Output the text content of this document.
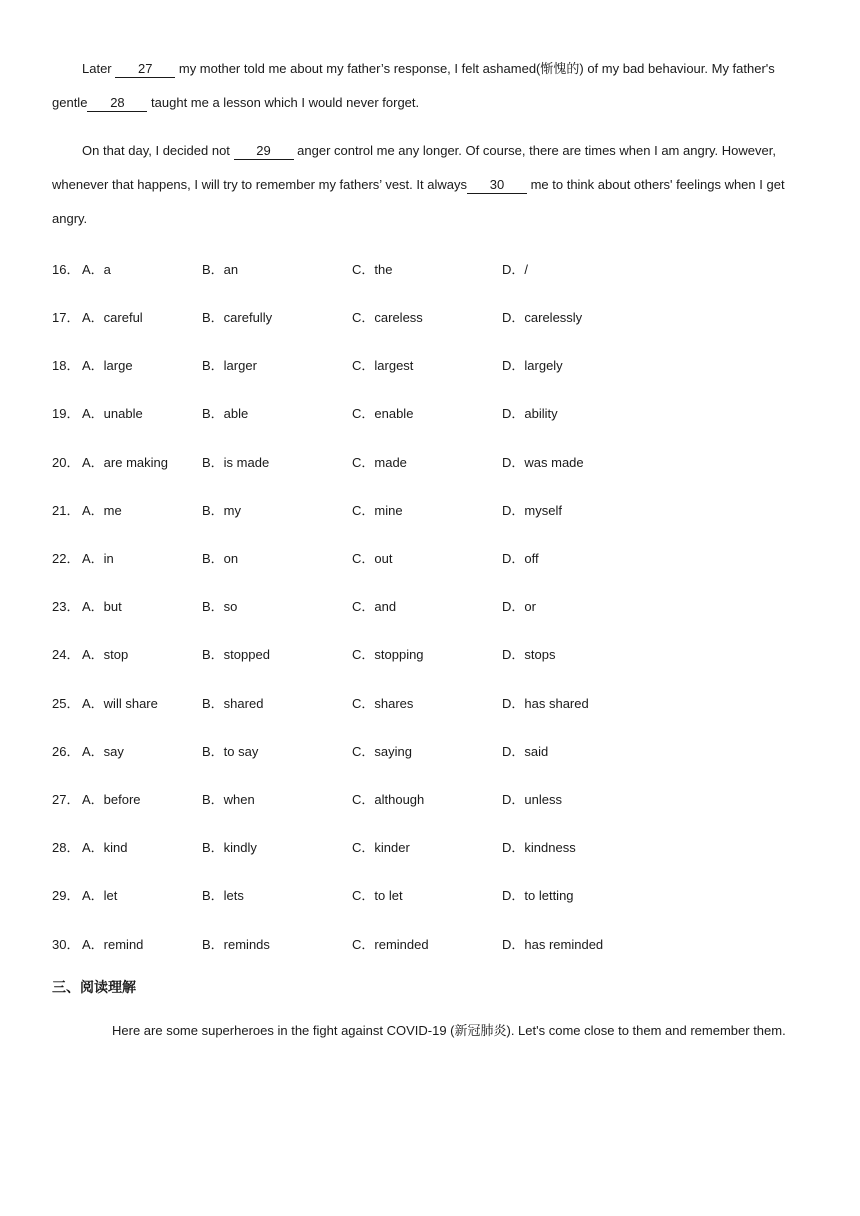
Later 27 my mother told me about my father’s response, I felt ashamed(惭愧的) of my bad behaviour. My father's gentle 28 taught me a lesson which I would never forget.

On that day, I decided not 29 anger control me any longer. Of course, there are times when I am angry. However, whenever that happens, I will try to remember my fathers’ vest. It always 30 me to think about others' feelings when I get angry.

16． A．a	B．an	C．the	D．/
17． A．careful	B．carefully	C．careless	D．carelessly
18． A．large	B．larger	C．largest	D．largely
19． A．unable	B．able	C．enable	D．ability
20． A．are making	B．is made	C．made	D．was made
21． A．me	B．my	C．mine	D．myself
22． A．in	B．on	C．out	D．off
23． A．but	B．so	C．and	D．or
24． A．stop	B．stopped	C．stopping	D．stops
25． A．will share	B．shared	C．shares	D．has shared
26． A．say	B．to say	C．saying	D．said
27． A．before	B．when	C．although	D．unless
28． A．kind	B．kindly	C．kinder	D．kindness
29． A．let	B．lets	C．to let	D．to letting
30． A．remind	B．reminds	C．reminded	D．has reminded

三、阅读理解

Here are some superheroes in the fight against COVID-19 (新冠肺炎). Let's come close to them and remember them.
